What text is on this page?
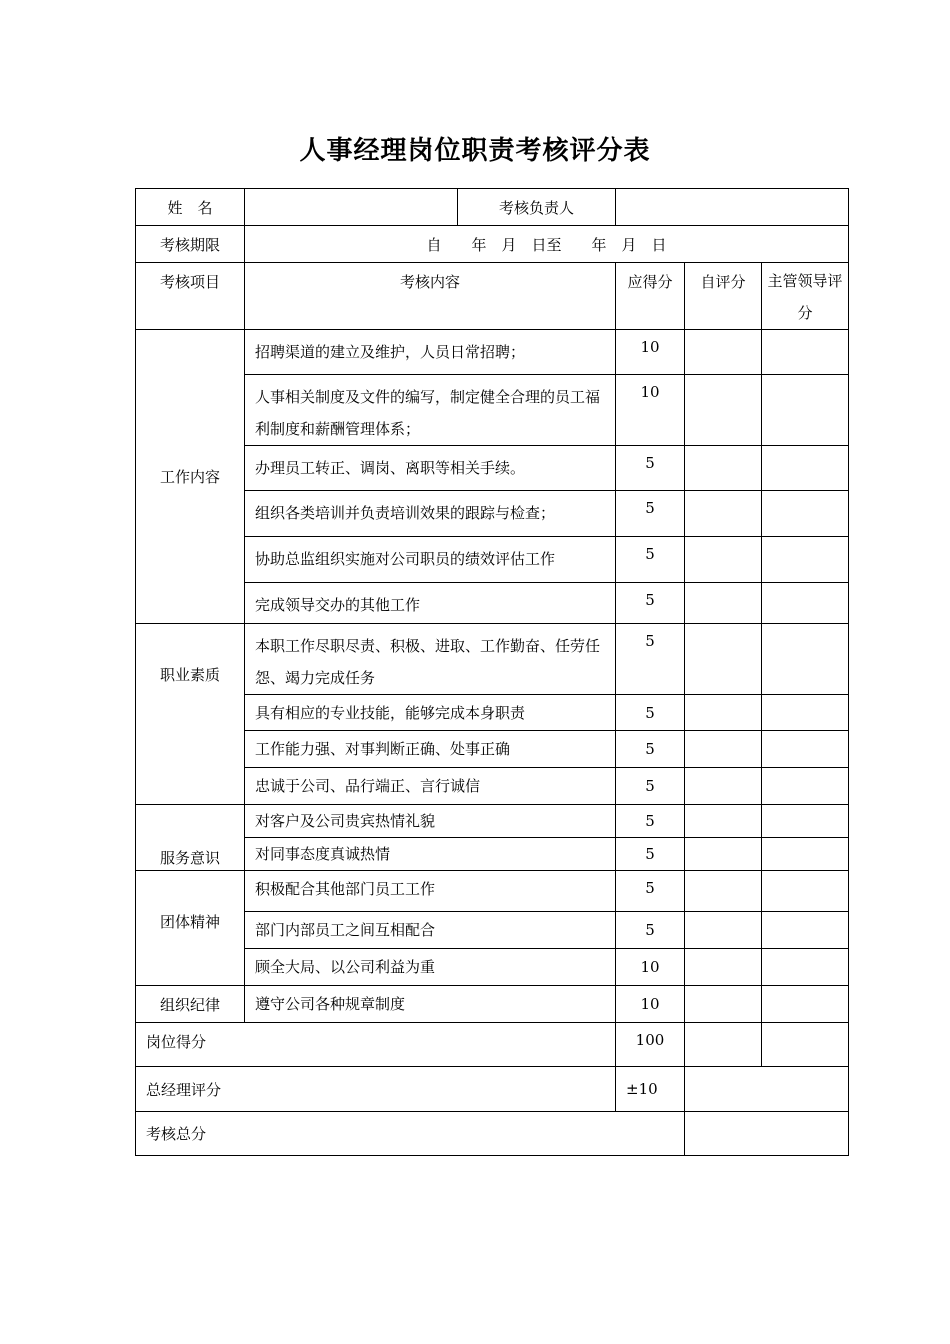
人事经理岗位职责考核评分表
姓　名		考核负责人			
考核期限	自　　年　月　日至　　年　月　日				
考核项目	考核内容		应得分	自评分	主管领导评分
工作内容	招聘渠道的建立及维护，人员日常招聘；		10		
	人事相关制度及文件的编写，制定健全合理的员工福利制度和薪酬管理体系；		10		
	办理员工转正、调岗、离职等相关手续。		5		
	组织各类培训并负责培训效果的跟踪与检查；		5		
	协助总监组织实施对公司职员的绩效评估工作		5		
	完成领导交办的其他工作		5		
职业素质	本职工作尽职尽责、积极、进取、工作勤奋、任劳任怨、竭力完成任务		5		
	具有相应的专业技能，能够完成本身职责		5		
	工作能力强、对事判断正确、处事正确		5		
	忠诚于公司、品行端正、言行诚信		5		
服务意识	对客户及公司贵宾热情礼貌		5		
	对同事态度真诚热情		5		
团体精神	积极配合其他部门员工工作		5		
	部门内部员工之间互相配合		5		
	顾全大局、以公司利益为重		10		
组织纪律	遵守公司各种规章制度		10		
岗位得分			100		
总经理评分			±10		
考核总分					
